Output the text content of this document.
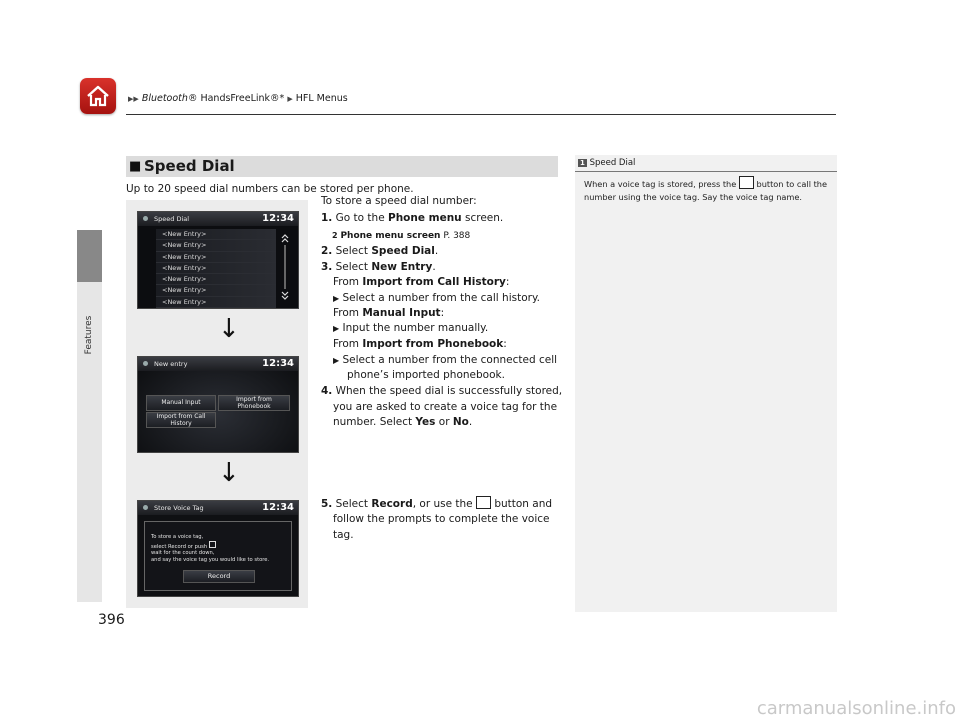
▶▶ Bluetooth® HandsFreeLink®* ▶ HFL Menus
Features
■ Speed Dial
Up to 20 speed dial numbers can be stored per phone.
Speed Dial	12:34
<New Entry>
<New Entry>
<New Entry>
<New Entry>
<New Entry>
<New Entry>
<New Entry>
↓
New entry	12:34
Manual Input	Import from Phonebook
Import from Call History
↓
Store Voice Tag	12:34
To store a voice tag,
select Record or push
wait for the count down,
and say the voice tag you would like to store.
Record
To store a speed dial number:
1. Go to the Phone menu screen.
2 Phone menu screen P. 388
2. Select Speed Dial.
3. Select New Entry.
From Import from Call History:
▶ Select a number from the call history.
From Manual Input:
▶ Input the number manually.
From Import from Phonebook:
▶ Select a number from the connected cell
phone’s imported phonebook.
4. When the speed dial is successfully stored,
you are asked to create a voice tag for the
number. Select Yes or No.
5. Select Record, or use the  button and
follow the prompts to complete the voice
tag.
1 Speed Dial
When a voice tag is stored, press the  button to call the number using the voice tag. Say the voice tag name.
396
carmanualsonline.info
